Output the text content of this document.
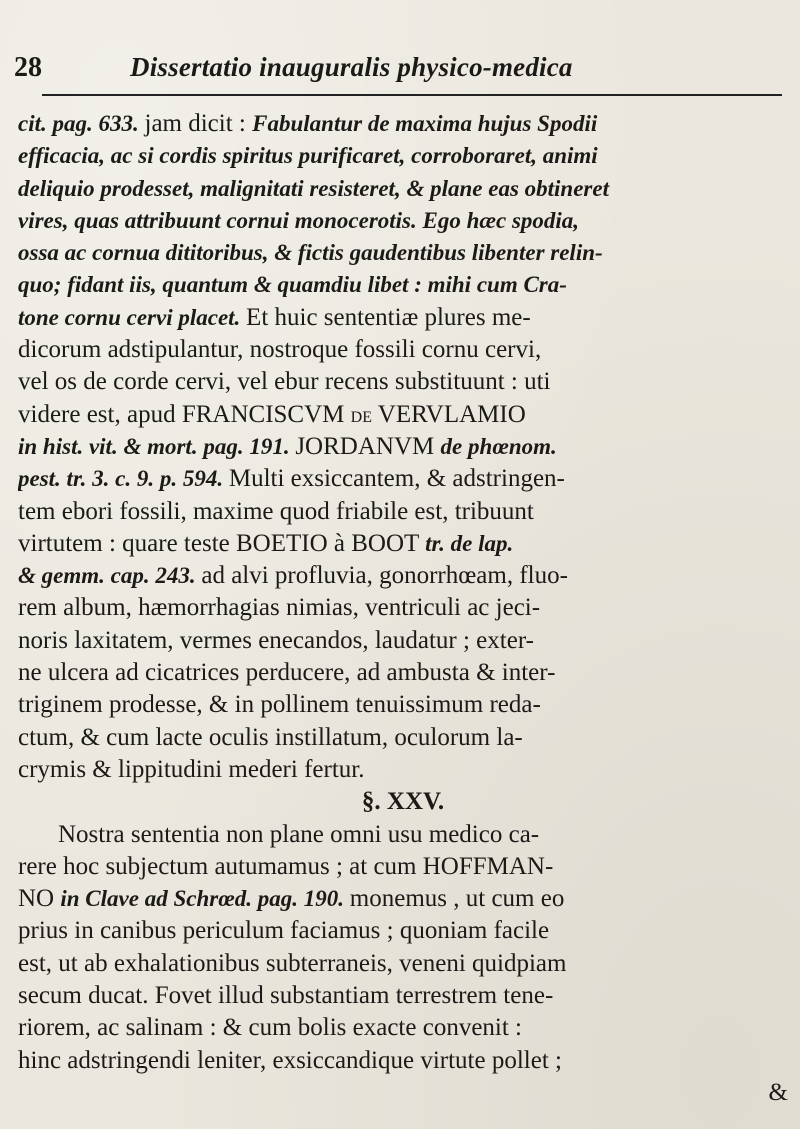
28	Dissertatio inauguralis physico-medica
cit. pag. 633. jam dicit : Fabulantur de maxima hujus Spodii
efficacia, ac si cordis spiritus purificaret, corroboraret, animi
deliquio prodesset, malignitati resisteret, & plane eas obtineret
vires, quas attribuunt cornui monocerotis. Ego hæc spodia,
ossa ac cornua dititoribus, & fictis gaudentibus libenter relin-
quo; fidant iis, quantum & quamdiu libet : mihi cum Cra-
tone cornu cervi placet. Et huic sententiæ plures me-
dicorum adstipulantur, nostroque fossili cornu cervi,
vel os de corde cervi, vel ebur recens substituunt : uti
videre est, apud FRANCISCVM de VERVLAMIO
in hist. vit. & mort. pag. 191. JORDANVM de phœnom.
pest. tr. 3. c. 9. p. 594. Multi exsiccantem, & adstringen-
tem ebori fossili, maxime quod friabile est, tribuunt
virtutem : quare teste BOETIO à BOOT tr. de lap.
& gemm. cap. 243. ad alvi profluvia, gonorrhœam, fluo-
rem album, hæmorrhagias nimias, ventriculi ac jeci-
noris laxitatem, vermes enecandos, laudatur ; exter-
ne ulcera ad cicatrices perducere, ad ambusta & inter-
triginem prodesse, & in pollinem tenuissimum reda-
ctum, & cum lacte oculis instillatum, oculorum la-
crymis & lippitudini mederi fertur.
§. XXV.
Nostra sententia non plane omni usu medico ca-
rere hoc subjectum autumamus ; at cum HOFFMAN-
NO in Clave ad Schrœd. pag. 190. monemus , ut cum eo
prius in canibus periculum faciamus ; quoniam facile
est, ut ab exhalationibus subterraneis, veneni quidpiam
secum ducat. Fovet illud substantiam terrestrem tene-
riorem, ac salinam : & cum bolis exacte convenit :
hinc adstringendi leniter, exsiccandique virtute pollet ;
&
